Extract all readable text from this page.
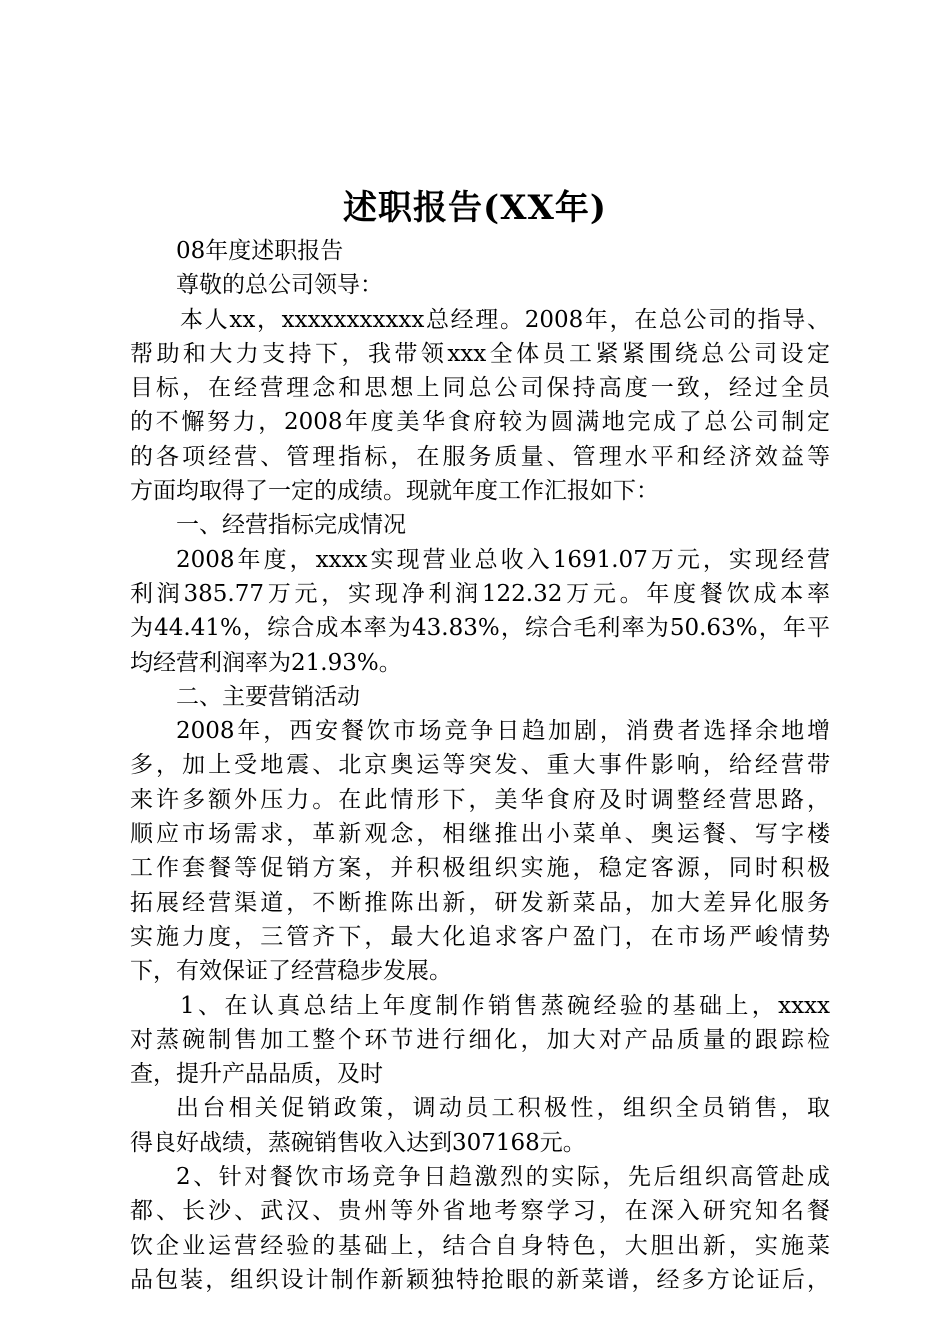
述职报告(XX年)
08年度述职报告
尊敬的总公司领导：
本人xx，xxxxxxxxxxx总经理。2008年，在总公司的指导、
帮助和大力支持下，我带领xxx全体员工紧紧围绕总公司设定
目标，在经营理念和思想上同总公司保持高度一致，经过全员
的不懈努力，2008年度美华食府较为圆满地完成了总公司制定
的各项经营、管理指标，在服务质量、管理水平和经济效益等
方面均取得了一定的成绩。现就年度工作汇报如下：
一、经营指标完成情况
2008年度，xxxx实现营业总收入1691.07万元，实现经营
利润385.77万元，实现净利润122.32万元。年度餐饮成本率
为44.41%，综合成本率为43.83%，综合毛利率为50.63%，年平
均经营利润率为21.93%。
二、主要营销活动
2008年，西安餐饮市场竞争日趋加剧，消费者选择余地增
多，加上受地震、北京奥运等突发、重大事件影响，给经营带
来许多额外压力。在此情形下，美华食府及时调整经营思路，
顺应市场需求，革新观念，相继推出小菜单、奥运餐、写字楼
工作套餐等促销方案，并积极组织实施，稳定客源，同时积极
拓展经营渠道，不断推陈出新，研发新菜品，加大差异化服务
实施力度，三管齐下，最大化追求客户盈门，在市场严峻情势
下，有效保证了经营稳步发展。
1、在认真总结上年度制作销售蒸碗经验的基础上，xxxx
对蒸碗制售加工整个环节进行细化，加大对产品质量的跟踪检
查，提升产品品质，及时
出台相关促销政策，调动员工积极性，组织全员销售，取
得良好战绩，蒸碗销售收入达到307168元。
2、针对餐饮市场竞争日趋激烈的实际，先后组织高管赴成
都、长沙、武汉、贵州等外省地考察学习，在深入研究知名餐
饮企业运营经验的基础上，结合自身特色，大胆出新，实施菜
品包装，组织设计制作新颖独特抢眼的新菜谱，经多方论证后，
